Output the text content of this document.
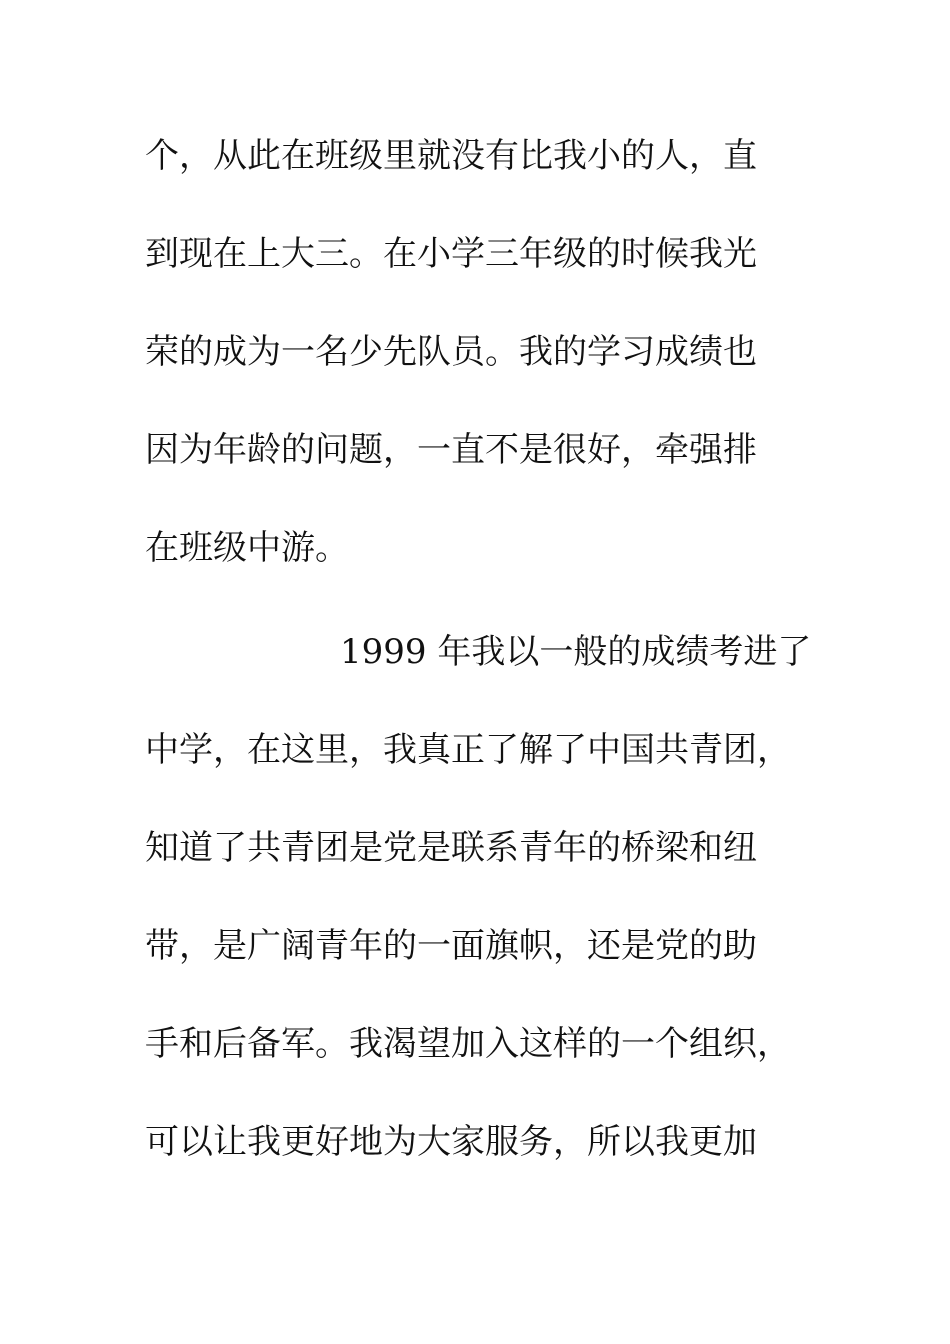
个，从此在班级里就没有比我小的人，直
到现在上大三。在小学三年级的时候我光
荣的成为一名少先队员。我的学习成绩也
因为年龄的问题，一直不是很好，牵强排
在班级中游。
1999 年我以一般的成绩考进了
中学，在这里，我真正了解了中国共青团，
知道了共青团是党是联系青年的桥梁和纽
带，是广阔青年的一面旗帜，还是党的助
手和后备军。我渴望加入这样的一个组织，
可以让我更好地为大家服务，所以我更加
